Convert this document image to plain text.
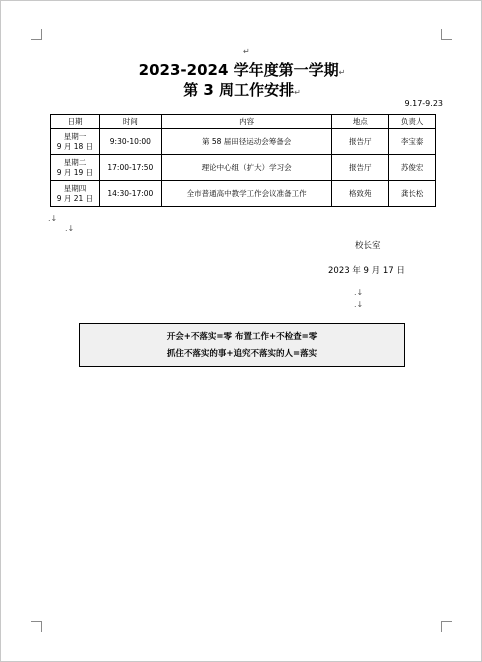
↵
2023-2024 学年度第一学期↵
第 3 周工作安排↵
9.17-9.23
日期	时间	内容	地点	负责人

星期一
9 月 18 日	9:30-10:00	第 58 届田径运动会筹备会	报告厅	李宝泰

星期二
9 月 19 日	17:00-17:50	理论中心组（扩大）学习会	报告厅	苏俊宏

星期四
9 月 21 日	14:30-17:00	全市普通高中教学工作会议准备工作	格致苑	龚长松
.↓
.↓
校长室
2023 年 9 月 17 日
.↓
.↓
开会+不落实=零 布置工作+不检查=零
抓住不落实的事+追究不落实的人=落实
